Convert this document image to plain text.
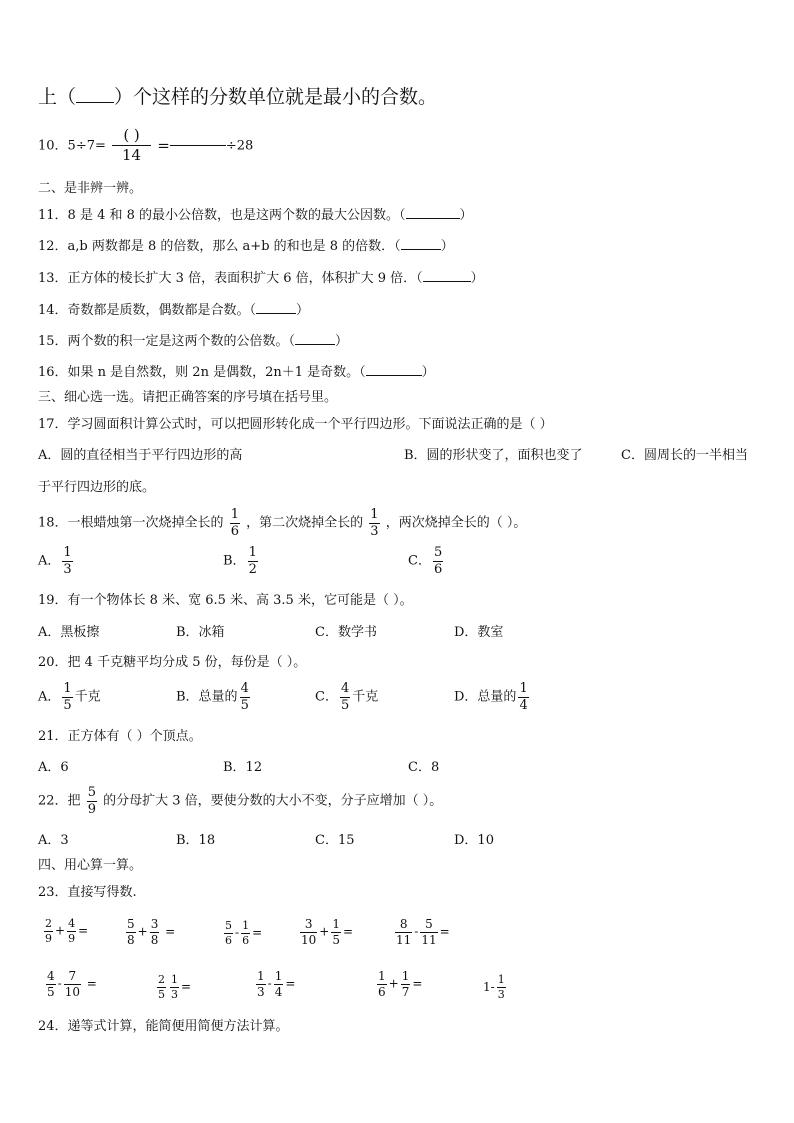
上（ ）个这样的分数单位就是最小的合数。
10．$5\div 7= \frac{( )}{14}$ =	÷28
二、是非辨一辨。
11．8 是 4 和 8 的最小公倍数，也是这两个数的最大公因数。（	）
12．a,b 两数都是 8 的倍数，那么 a+b 的和也是 8 的倍数．（	）
13．正方体的棱长扩大 3 倍，表面积扩大 6 倍，体积扩大 9 倍．（	）
14．奇数都是质数，偶数都是合数。（	）
15．两个数的积一定是这两个数的公倍数。（	）
16．如果 n 是自然数，则 2n 是偶数，2n＋1 是奇数。（	）
三、细心选一选。请把正确答案的序号填在括号里。
17．学习圆面积计算公式时，可以把圆形转化成一个平行四边形。下面说法正确的是（ ）
A．圆的直径相当于平行四边形的高	B．圆的形状变了，面积也变了	C．圆周长的一半相当
于平行四边形的底。
18．一根蜡烛第一次烧掉全长的 $\frac{1}{6}$ ，第二次烧掉全长的 $\frac{1}{3}$ ，两次烧掉全长的（ ）。
A． $\frac{1}{3}$	B． $\frac{1}{2}$	C． $\frac{5}{6}$
19．有一个物体长 8 米、宽 6.5 米、高 3.5 米，它可能是（ ）。
A．黑板擦	B．冰箱	C．数学书	D．教室
20．把 4 千克糖平均分成 5 份，每份是（ ）。
A． $\frac{1}{5}$ 千克	B．总量的 $\frac{4}{5}$	C． $\frac{4}{5}$ 千克	D．总量的 $\frac{1}{4}$
21．正方体有（ ）个顶点。
A．6	B．12	C．8
22．把 $\frac{5}{9}$ 的分母扩大 3 倍，要使分数的大小不变，分子应增加（ ）。
A．3	B．18	C．15	D．10
四、用心算一算。
23．直接写得数.
$\frac{2}{9} + \frac{4}{9}$ =	$\frac{5}{8} + \frac{3}{8}$ =	$\frac{5}{6} - \frac{1}{6}$ =	$\frac{3}{10} + \frac{1}{5}$ =	$\frac{8}{11} - \frac{5}{11}$ =
$\frac{4}{5} - \frac{7}{10}$ =	$\frac{2}{5} \frac{1}{3}$ =	$\frac{1}{3} - \frac{1}{4}$ =	$\frac{1}{6} + \frac{1}{7}$ =	$1- \frac{1}{3}$
24．递等式计算，能简便用简便方法计算。
